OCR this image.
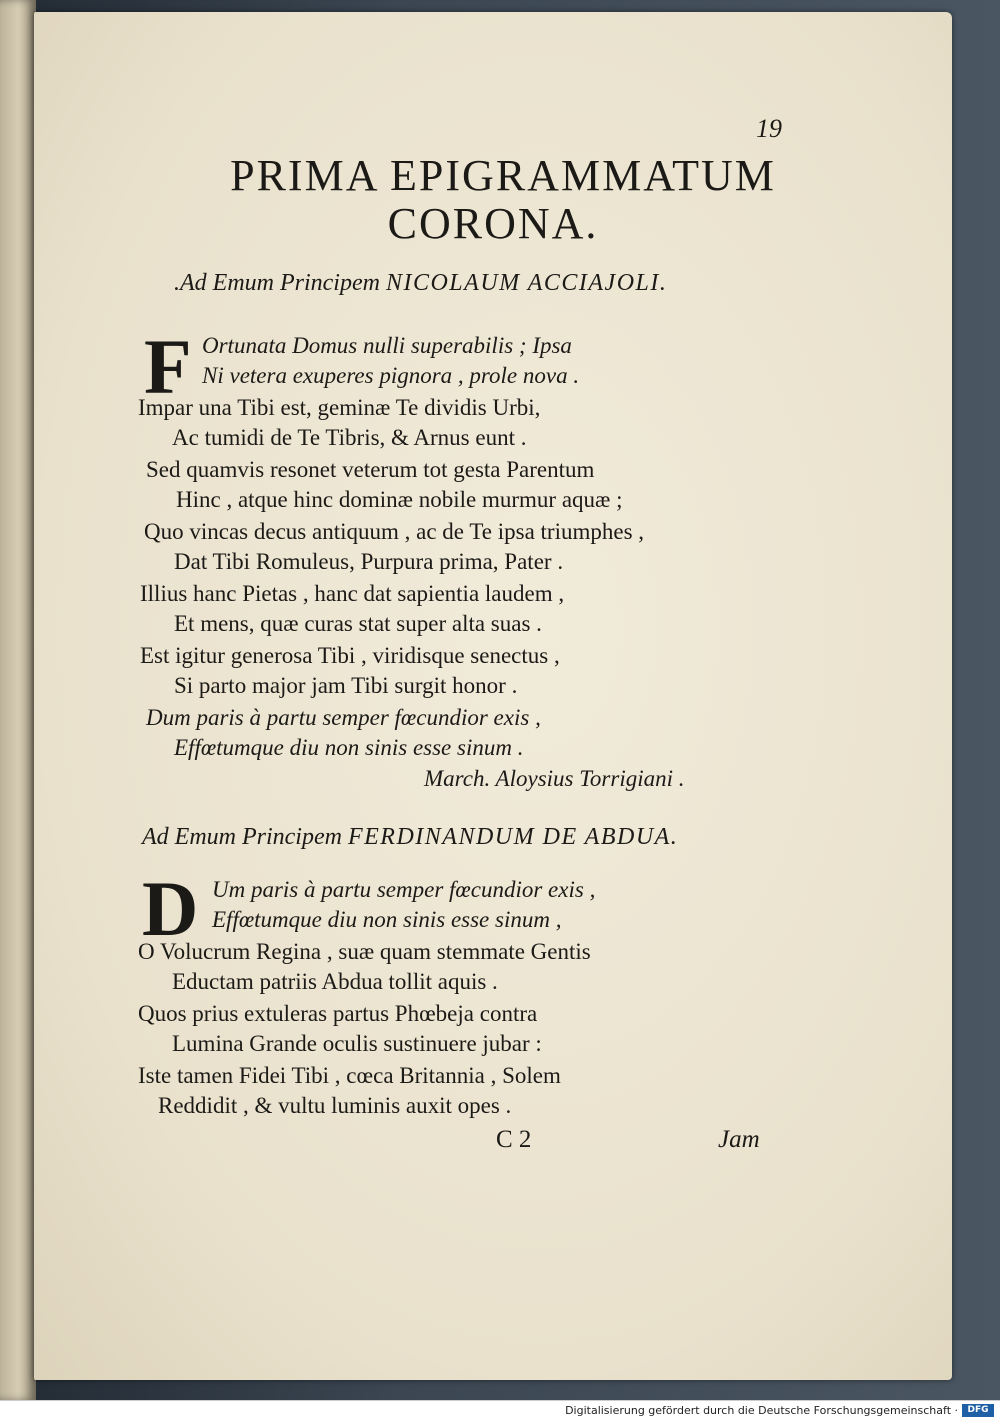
19
PRIMA EPIGRAMMATUM
CORONA.
.Ad Emum Principem NICOLAUM ACCIAJOLI.
F Ortunata Domus nulli superabilis ; Ipsa
Ni vetera exuperes pignora , prole nova .
Impar una Tibi est, geminæ Te dividis Urbi,
Ac tumidi de Te Tibris, & Arnus eunt .
Sed quamvis resonet veterum tot gesta Parentum
Hinc , atque hinc dominæ nobile murmur aquæ ;
Quo vincas decus antiquum , ac de Te ipsa triumphes ,
Dat Tibi Romuleus, Purpura prima, Pater .
Illius hanc Pietas , hanc dat sapientia laudem ,
Et mens, quæ curas stat super alta suas .
Est igitur generosa Tibi , viridisque senectus ,
Si parto major jam Tibi surgit honor .
Dum paris à partu semper fœcundior exis ,
Effœtumque diu non sinis esse sinum .
March. Aloysius Torrigiani .
Ad Emum Principem FERDINANDUM DE ABDUA.
D Um paris à partu semper fœcundior exis ,
Effœtumque diu non sinis esse sinum ,
O Volucrum Regina , suæ quam stemmate Gentis
Eductam patriis Abdua tollit aquis .
Quos prius extuleras partus Phœbeja contra
Lumina Grande oculis sustinuere jubar :
Iste tamen Fidei Tibi , cœca Britannia , Solem
Reddidit , & vultu luminis auxit opes .
C 2	Jam
Digitalisierung gefördert durch die Deutsche Forschungsgemeinschaft ·	DFG
